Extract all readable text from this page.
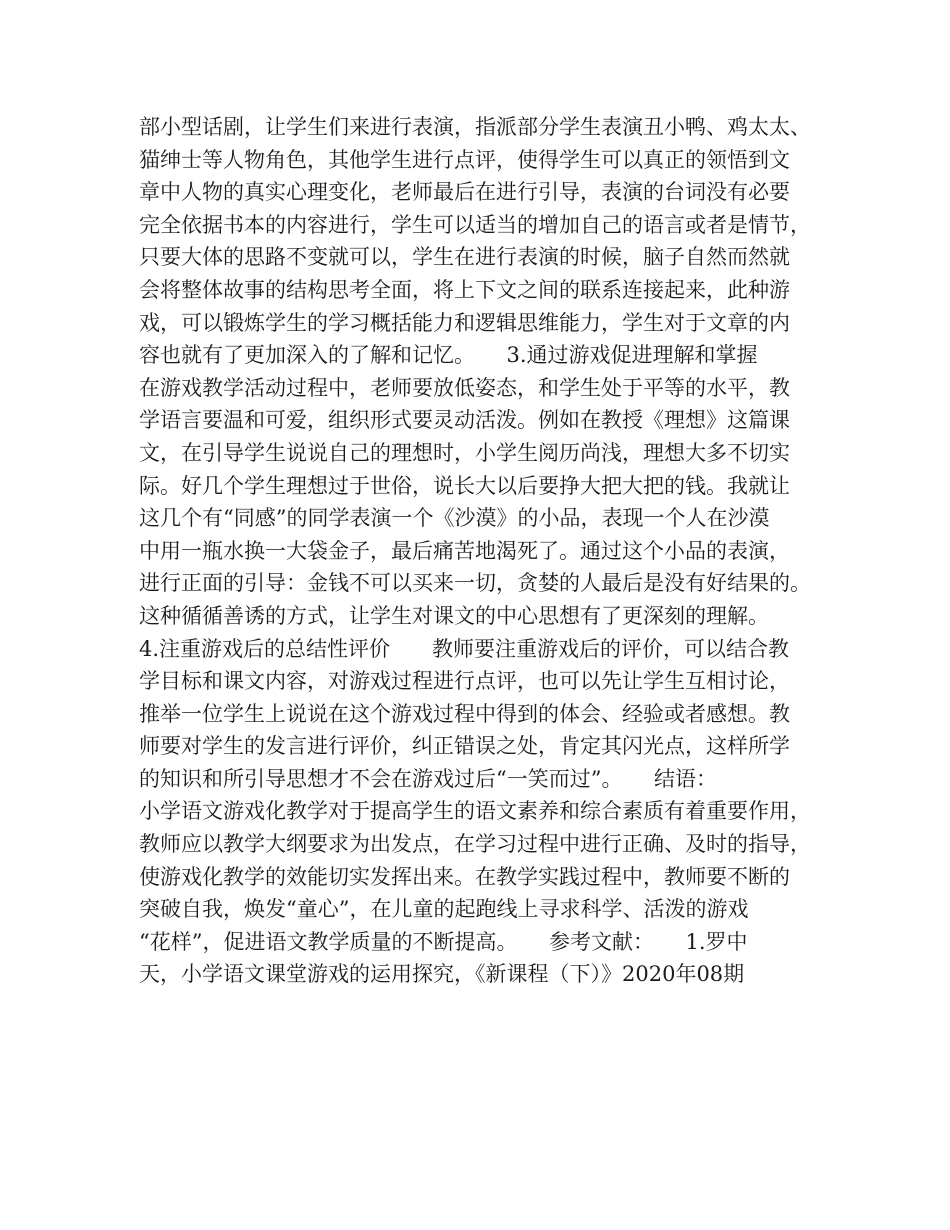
部小型话剧，让学生们来进行表演，指派部分学生表演丑小鸭、鸡太太、
猫绅士等人物角色，其他学生进行点评，使得学生可以真正的领悟到文
章中人物的真实心理变化，老师最后在进行引导，表演的台词没有必要
完全依据书本的内容进行，学生可以适当的增加自己的语言或者是情节，
只要大体的思路不变就可以，学生在进行表演的时候，脑子自然而然就
会将整体故事的结构思考全面，将上下文之间的联系连接起来，此种游
戏，可以锻炼学生的学习概括能力和逻辑思维能力，学生对于文章的内
容也就有了更加深入的了解和记忆。　　3.通过游戏促进理解和掌握
在游戏教学活动过程中，老师要放低姿态，和学生处于平等的水平，教
学语言要温和可爱，组织形式要灵动活泼。例如在教授《理想》这篇课
文，在引导学生说说自己的理想时，小学生阅历尚浅，理想大多不切实
际。好几个学生理想过于世俗，说长大以后要挣大把大把的钱。我就让
这几个有“同感”的同学表演一个《沙漠》的小品，表现一个人在沙漠
中用一瓶水换一大袋金子，最后痛苦地渴死了。通过这个小品的表演，
进行正面的引导：金钱不可以买来一切，贪婪的人最后是没有好结果的。
这种循循善诱的方式，让学生对课文的中心思想有了更深刻的理解。
4.注重游戏后的总结性评价　　教师要注重游戏后的评价，可以结合教
学目标和课文内容，对游戏过程进行点评，也可以先让学生互相讨论，
推举一位学生上说说在这个游戏过程中得到的体会、经验或者感想。教
师要对学生的发言进行评价，纠正错误之处，肯定其闪光点，这样所学
的知识和所引导思想才不会在游戏过后“一笑而过”。　　结语：
小学语文游戏化教学对于提高学生的语文素养和综合素质有着重要作用，
教师应以教学大纲要求为出发点，在学习过程中进行正确、及时的指导，
使游戏化教学的效能切实发挥出来。在教学实践过程中，教师要不断的
突破自我，焕发“童心”，在儿童的起跑线上寻求科学、活泼的游戏
“花样”，促进语文教学质量的不断提高。　　参考文献：　　1.罗中
天，小学语文课堂游戏的运用探究，《新课程（下）》2020年08期
